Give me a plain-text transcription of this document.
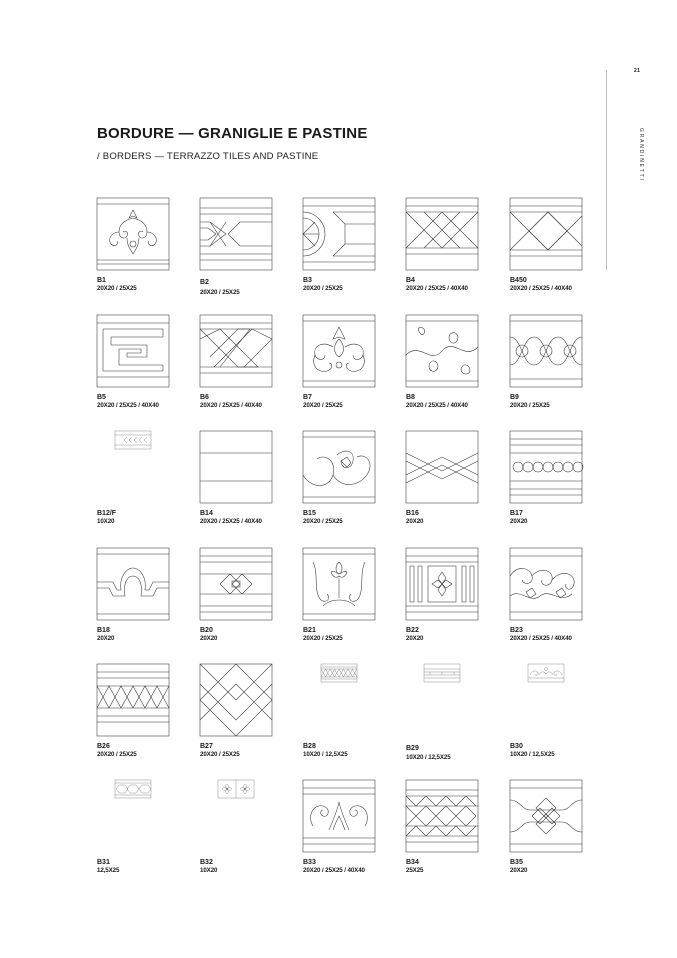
21
GRANDINETTI
BORDURE — GRANIGLIE E PASTINE
/ BORDERS — TERRAZZO TILES AND PASTINE
B1
20X20 / 25X25
B2
20X20 / 25X25
B3
20X20 / 25X25
B4
20X20 / 25X25 / 40X40
B450
20X20 / 25X25 / 40X40
B5
20X20 / 25X25 / 40X40
B6
20X20 / 25X25 / 40X40
B7
20X20 / 25X25
B8
20X20 / 25X25 / 40X40
B9
20X20 / 25X25
B12/F
10X20
B14
20X20 / 25X25 / 40X40
B15
20X20 / 25X25
B16
20X20
B17
20X20
B18
20X20
B20
20X20
B21
20X20 / 25X25
B22
20X20
B23
20X20 / 25X25 / 40X40
B26
20X20 / 25X25
B27
20X20 / 25X25
B28
10X20 / 12,5X25
B29
10X20 / 12,5X25
B30
10X20 / 12,5X25
B31
12,5X25
B32
10X20
B33
20X20 / 25X25 / 40X40
B34
25X25
B35
20X20
